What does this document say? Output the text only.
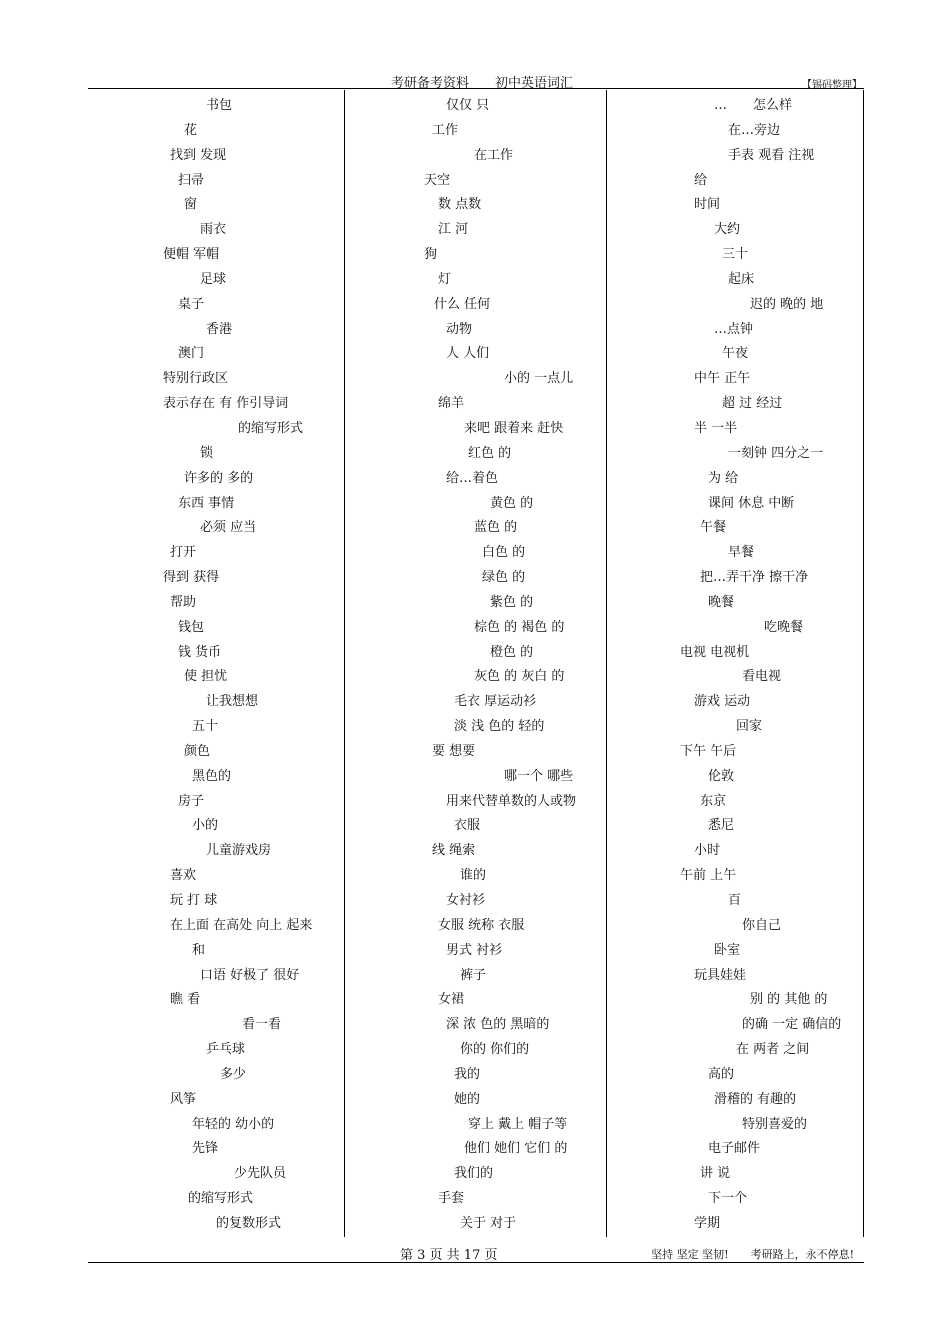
考研备考资料　　初中英语词汇	【锡码整理】
书包
花
找到 发现
扫帚
窗
雨衣
便帽 军帽
足球
桌子
香港
澳门
特别行政区
表示存在 有 作引导词
的缩写形式
锁
许多的 多的
东西 事情
必须 应当
打开
得到 获得
帮助
钱包
钱 货币
使 担忧
让我想想
五十
颜色
黑色的
房子
小的
儿童游戏房
喜欢
玩 打 球
在上面 在高处 向上 起来
和
口语 好极了 很好
瞧 看
看一看
乒乓球
多少
风筝
年轻的 幼小的
先锋
少先队员
的缩写形式
的复数形式
仅仅 只
工作
在工作
天空
数 点数
江 河
狗
灯
什么 任何
动物
人 人们
小的 一点儿
绵羊
来吧 跟着来 赶快
红色 的
给…着色
黄色 的
蓝色 的
白色 的
绿色 的
紫色 的
棕色 的 褐色 的
橙色 的
灰色 的 灰白 的
毛衣 厚运动衫
淡 浅 色的 轻的
要 想要
哪一个 哪些
用来代替单数的人或物
衣服
线 绳索
谁的
女衬衫
女服 统称 衣服
男式 衬衫
裤子
女裙
深 浓 色的 黑暗的
你的 你们的
我的
她的
穿上 戴上 帽子等
他们 她们 它们 的
我们的
手套
关于 对于
…　　怎么样
在…旁边
手表 观看 注视
给
时间
大约
三十
起床
迟的 晚的 地
…点钟
午夜
中午 正午
超 过 经过
半 一半
一刻钟 四分之一
为 给
课间 休息 中断
午餐
早餐
把…弄干净 擦干净
晚餐
吃晚餐
电视 电视机
看电视
游戏 运动
回家
下午 午后
伦敦
东京
悉尼
小时
午前 上午
百
你自己
卧室
玩具娃娃
别 的 其他 的
的确 一定 确信的
在 两者 之间
高的
滑稽的 有趣的
特别喜爱的
电子邮件
讲 说
下一个
学期
第 3 页 共 17 页	坚持 坚定 坚韧!　　考研路上，永不停息!
